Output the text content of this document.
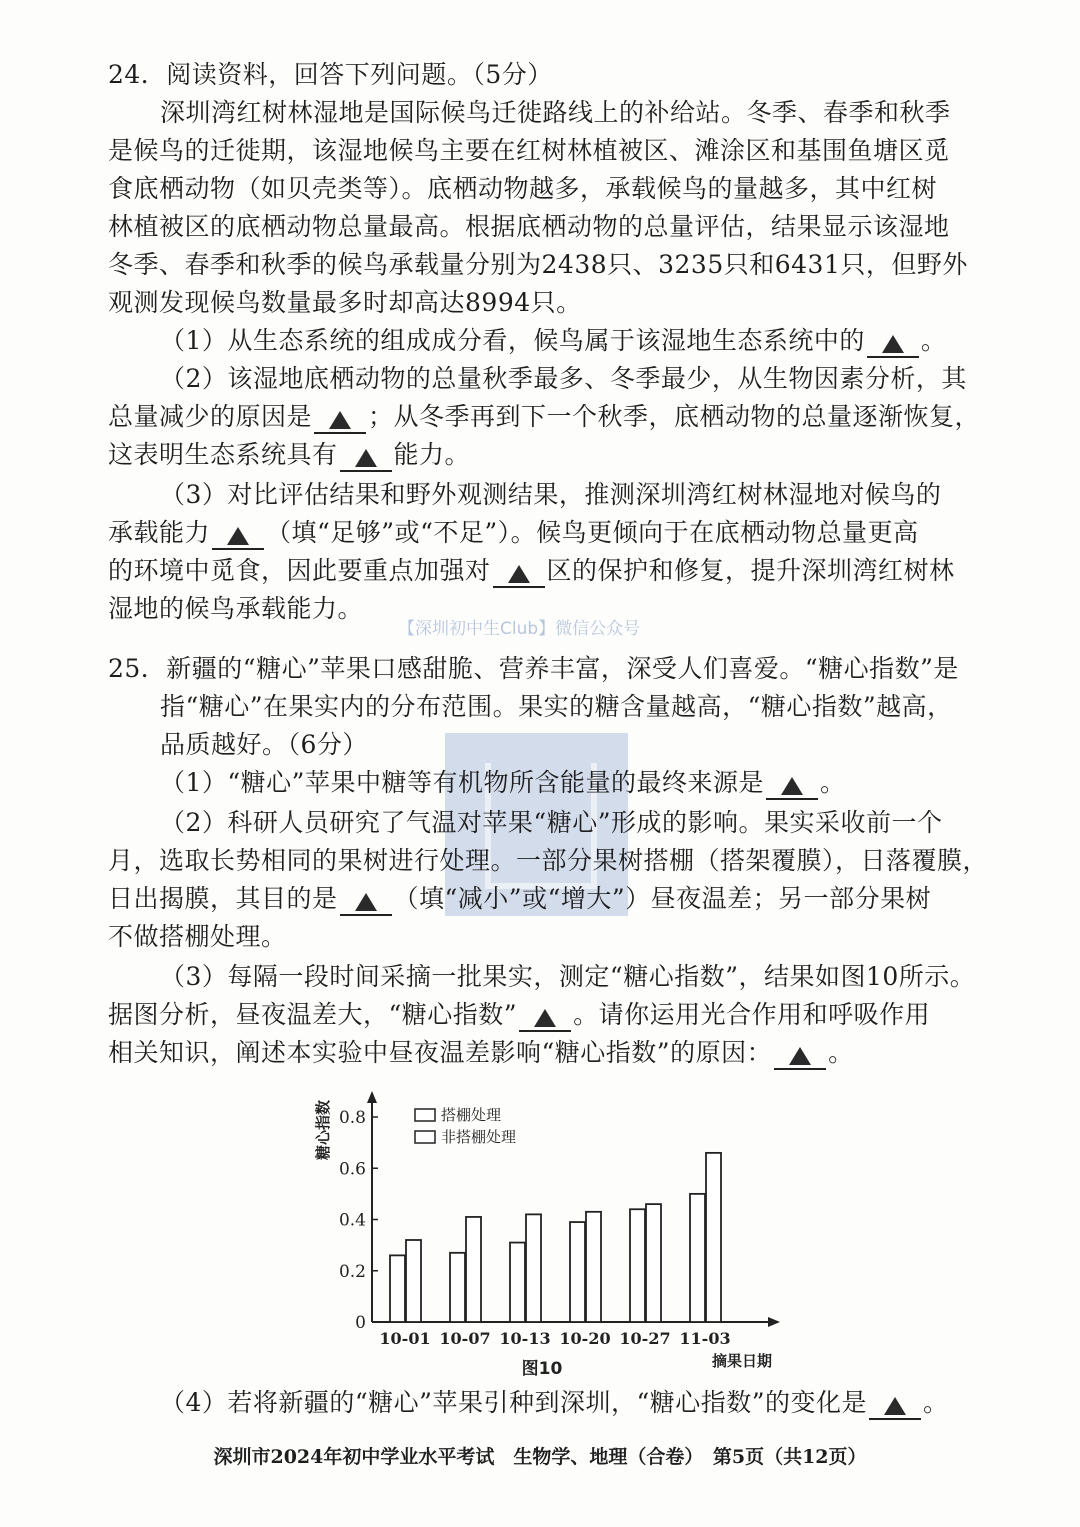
24．阅读资料，回答下列问题。（5分）
深圳湾红树林湿地是国际候鸟迁徙路线上的补给站。冬季、春季和秋季
是候鸟的迁徙期，该湿地候鸟主要在红树林植被区、滩涂区和基围鱼塘区觅
食底栖动物（如贝壳类等）。底栖动物越多，承载候鸟的量越多，其中红树
林植被区的底栖动物总量最高。根据底栖动物的总量评估，结果显示该湿地
冬季、春季和秋季的候鸟承载量分别为2438只、3235只和6431只，但野外
观测发现候鸟数量最多时却高达8994只。
（1）从生态系统的组成成分看，候鸟属于该湿地生态系统中的 。
（2）该湿地底栖动物的总量秋季最多、冬季最少，从生物因素分析，其
总量减少的原因是 ；从冬季再到下一个秋季，底栖动物的总量逐渐恢复，
这表明生态系统具有 能力。
（3）对比评估结果和野外观测结果，推测深圳湾红树林湿地对候鸟的
承载能力 （填“足够”或“不足”）。候鸟更倾向于在底栖动物总量更高
的环境中觅食，因此要重点加强对 区的保护和修复，提升深圳湾红树林
湿地的候鸟承载能力。
【深圳初中生Club】微信公众号
25．新疆的“糖心”苹果口感甜脆、营养丰富，深受人们喜爱。“糖心指数”是
指“糖心”在果实内的分布范围。果实的糖含量越高，“糖心指数”越高，
品质越好。（6分）
（1）“糖心”苹果中糖等有机物所含能量的最终来源是 。
（2）科研人员研究了气温对苹果“糖心”形成的影响。果实采收前一个
月，选取长势相同的果树进行处理。一部分果树搭棚（搭架覆膜），日落覆膜，
日出揭膜，其目的是 （填“减小”或“增大”）昼夜温差；另一部分果树
不做搭棚处理。
（3）每隔一段时间采摘一批果实，测定“糖心指数”，结果如图10所示。
据图分析，昼夜温差大，“糖心指数” 。请你运用光合作用和呼吸作用
相关知识，阐述本实验中昼夜温差影响“糖心指数”的原因： 。
0
0.2
0.4
0.6
0.8
糖心指数
10-01 10-07 10-13 10-20 10-27 11-03
搭棚处理
非搭棚处理
摘果日期
图10
（4）若将新疆的“糖心”苹果引种到深圳，“糖心指数”的变化是 。
深圳市2024年初中学业水平考试　生物学、地理（合卷）　第5页（共12页）
